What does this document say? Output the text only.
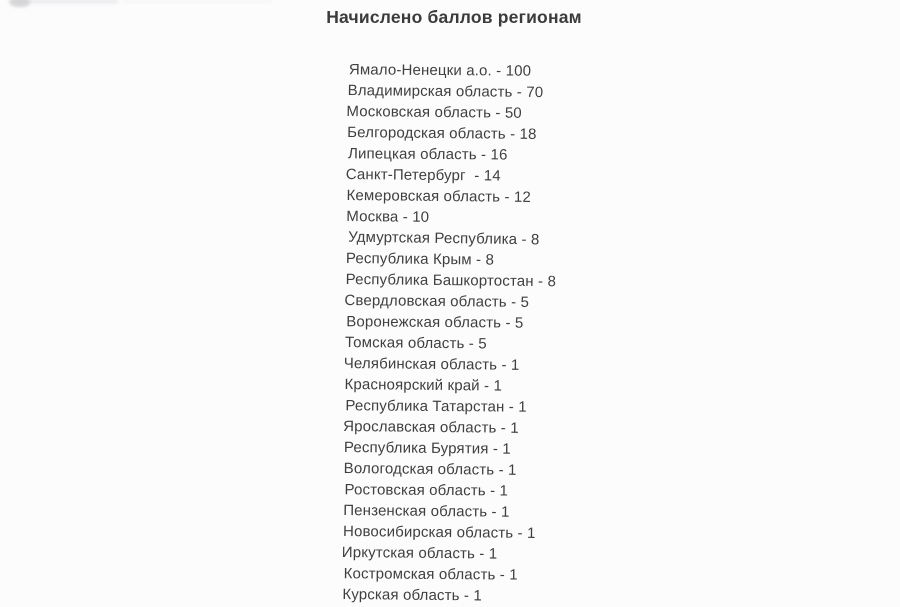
Начислено баллов регионам
Ямало-Ненецки а.о. - 100
Владимирская область - 70
Московская область - 50
Белгородская область - 18
Липецкая область - 16
Санкт-Петербург  - 14
Кемеровская область - 12
Москва - 10
Удмуртская Республика - 8
Республика Крым - 8
Республика Башкортостан - 8
Свердловская область - 5
Воронежская область - 5
Томская область - 5
Челябинская область - 1
Красноярский край - 1
Республика Татарстан - 1
Ярославская область - 1
Республика Бурятия - 1
Вологодская область - 1
Ростовская область - 1
Пензенская область - 1
Новосибирская область - 1
Иркутская область - 1
Костромская область - 1
Курская область - 1
